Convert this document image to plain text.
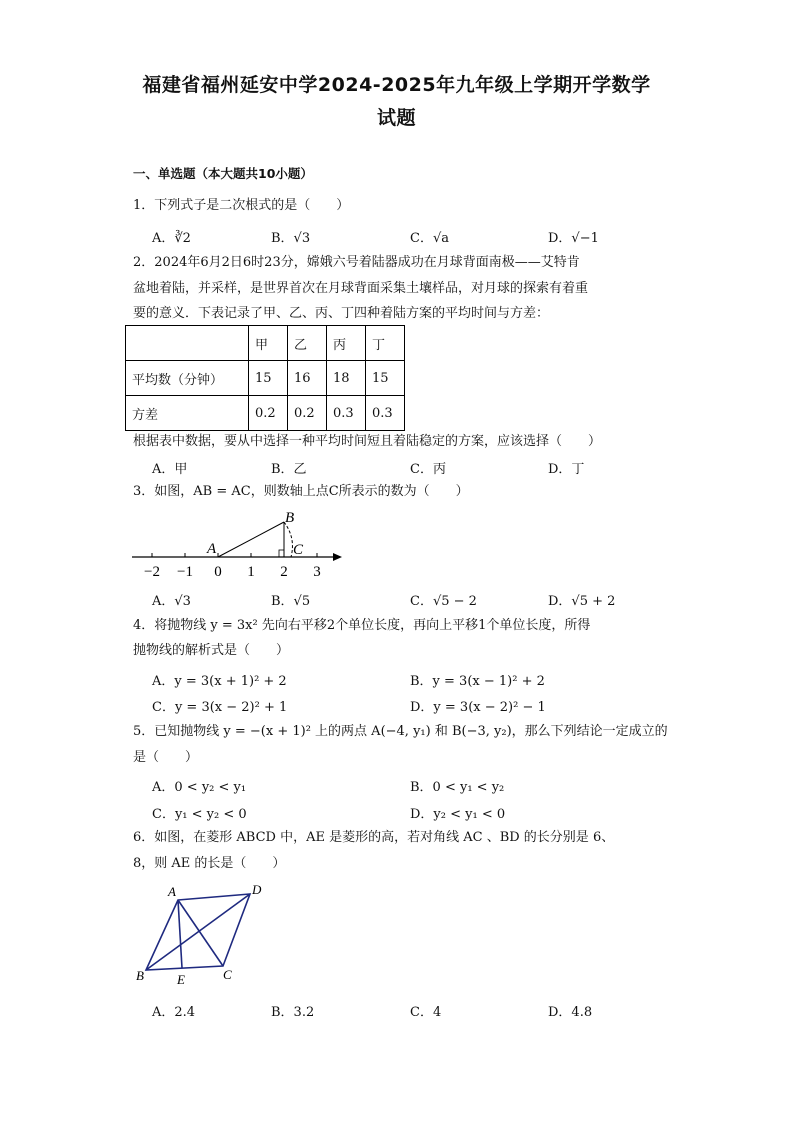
福建省福州延安中学2024-2025年九年级上学期开学数学
试题
一、单选题（本大题共10小题）
1．下列式子是二次根式的是（　　）
A．∛2	B．√3	C．√a	D．√−1
2．2024年6月2日6时23分，嫦娥六号着陆器成功在月球背面南极——艾特肯
盆地着陆，并采样，是世界首次在月球背面采集土壤样品，对月球的探索有着重
要的意义．下表记录了甲、乙、丙、丁四种着陆方案的平均时间与方差：
	甲	乙	丙	丁
平均数（分钟）	15	16	18	15
方差	0.2	0.2	0.3	0.3
根据表中数据，要从中选择一种平均时间短且着陆稳定的方案，应该选择（　　）
A．甲	B．乙	C．丙	D．丁
3．如图，AB = AC，则数轴上点C所表示的数为（　　）
A
B
C
−2 −1 0 1 2 3
A．√3	B．√5	C．√5 − 2	D．√5 + 2
4．将抛物线 y = 3x² 先向右平移2个单位长度，再向上平移1个单位长度，所得
抛物线的解析式是（　　）
A．y = 3(x + 1)² + 2	B．y = 3(x − 1)² + 2
C．y = 3(x − 2)² + 1	D．y = 3(x − 2)² − 1
5．已知抛物线 y = −(x + 1)² 上的两点 A(−4, y₁) 和 B(−3, y₂)，那么下列结论一定成立的
是（　　）
A．0 < y₂ < y₁	B．0 < y₁ < y₂
C．y₁ < y₂ < 0	D．y₂ < y₁ < 0
6．如图，在菱形 ABCD 中，AE 是菱形的高，若对角线 AC 、BD 的长分别是 6、
8，则 AE 的长是（　　）
A	D
B	C
E
A．2.4	B．3.2	C．4	D．4.8
